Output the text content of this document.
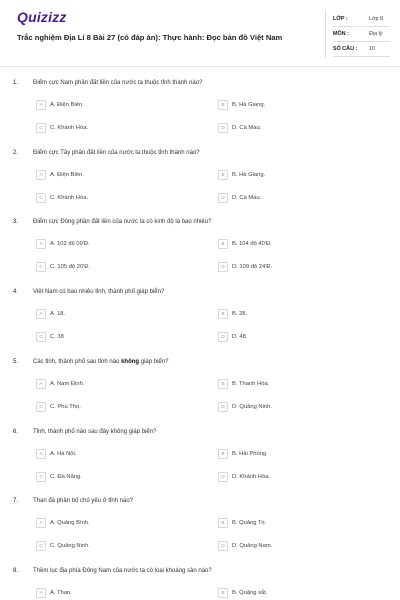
Quizizz
Trắc nghiệm Địa Lí 8 Bài 27 (có đáp án): Thực hành: Đọc bản đồ Việt Nam
LỚP :	Lớp 8
MÔN :	Địa lý
SỐ CÂU : 10
1. Điểm cực Nam phần đất liền của nước ta thuộc tỉnh thành nào?
A	A. Điện Biên.	B	B. Hà Giang.
C	C. Khánh Hòa.	D	D. Cà Mau.
2. Điểm cực Tây phần đất liền của nước ta thuộc tỉnh thành nào?
A	A. Điện Biên.	B	B. Hà Giang.
C	C. Khánh Hòa.	D	D. Cà Mau.
3. Điểm cực Đông phần đất liền của nước ta có kinh độ là bao nhiêu?
A	A. 102 độ 09'Đ.	B	B. 104 độ 40'Đ.
C	C. 105 độ 20'Đ.	D	D. 109 độ 24'Đ.
4. Việt Nam có bao nhiêu tỉnh, thành phố giáp biển?
A	A. 18.	B	B. 28.
C	C. 38	D	D. 48.
5. Các tỉnh, thành phố sau tỉnh nào không giáp biển?
A	A. Nam Định.	B	B. Thanh Hóa.
C	C. Phú Thọ.	D	D. Quảng Ninh.
6. Tỉnh, thành phố nào sau đây không giáp biển?
A	A. Hà Nội.	B	B. Hải Phòng.
C	C. Đà Nẵng.	D	D. Khánh Hòa.
7. Than đá phân bố chủ yếu ở tỉnh nào?
A	A. Quảng Bình.	B	B. Quảng Trị.
C	C. Quảng Ninh.	D	D. Quảng Nam.
8. Thềm lục địa phía Đông Nam của nước ta có loại khoáng sản nào?
A	A. Than.	B	B. Quặng sắt.
